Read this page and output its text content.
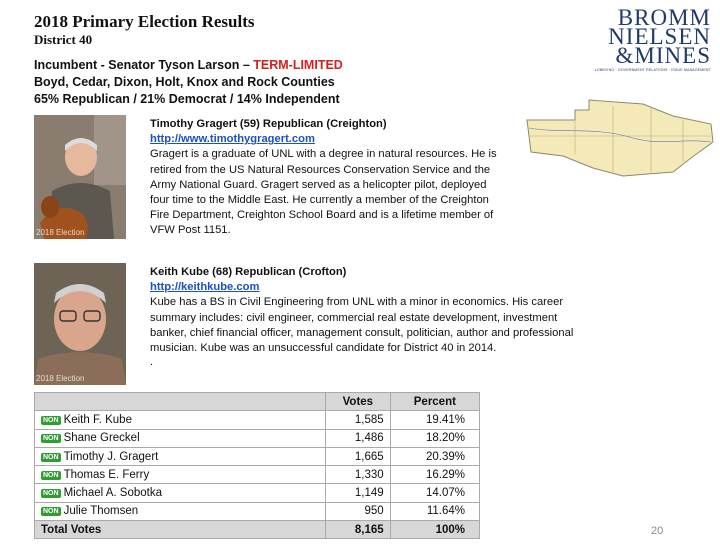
2018 Primary Election Results
District 40
BROMM
NIELSEN
&MINES
LOBBYING · GOVERNMENT RELATIONS · ISSUE MANAGEMENT
Incumbent - Senator Tyson Larson – TERM-LIMITED
Boyd, Cedar, Dixon, Holt, Knox and Rock Counties
65% Republican / 21% Democrat / 14% Independent
2018 Election
Timothy Gragert (59) Republican (Creighton)
http://www.timothygragert.com
Gragert is a graduate of UNL with a degree in natural resources. He is retired from the US Natural Resources Conservation Service and the Army National Guard. Gragert served as a helicopter pilot, deployed four time to the Middle East. He currently a member of the Creighton Fire Department, Creighton School Board and is a lifetime member of VFW Post 1151.
2018 Election
Keith Kube (68) Republican (Crofton)
http://keithkube.com
Kube has a BS in Civil Engineering from UNL with a minor in economics. His career summary includes: civil engineer, commercial real estate development, investment banker, chief financial officer, management consult, politician, author and professional musician. Kube was an unsuccessful candidate for District 40 in 2014.
.
	Votes	Percent
NON Keith F. Kube	1,585	19.41%
NON Shane Greckel	1,486	18.20%
NON Timothy J. Gragert	1,665	20.39%
NON Thomas E. Ferry	1,330	16.29%
NON Michael A. Sobotka	1,149	14.07%
NON Julie Thomsen	950	11.64%
Total Votes	8,165	100%	20
